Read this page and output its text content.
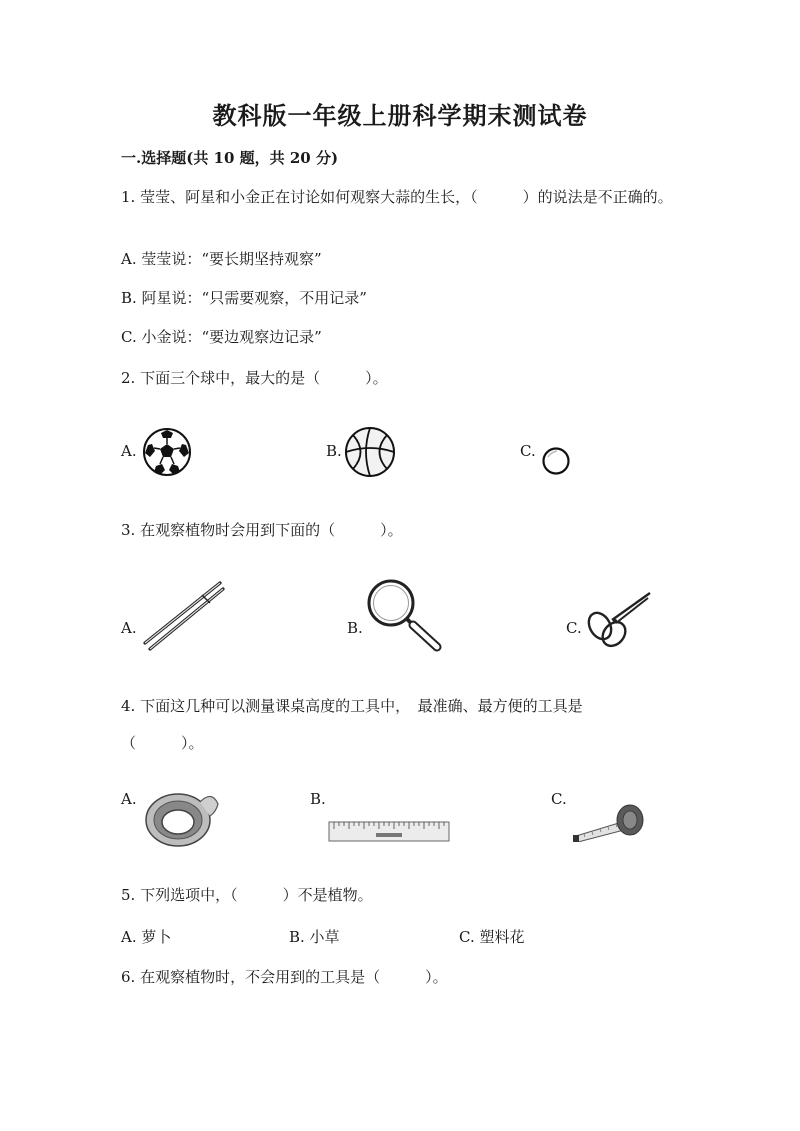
教科版一年级上册科学期末测试卷
一.选择题(共 10 题，共 20 分)
1. 莹莹、阿星和小金正在讨论如何观察大蒜的生长，（　　　）的说法是不正确的。
A. 莹莹说：“要长期坚持观察”
B. 阿星说：“只需要观察，不用记录”
C. 小金说：“要边观察边记录”
2. 下面三个球中，最大的是（　　　）。
A.	B.	C.
3. 在观察植物时会用到下面的（　　　）。
A.	B.	C.
4. 下面这几种可以测量课桌高度的工具中，　最准确、最方便的工具是
（　　　）。
A.	B.	C.
5. 下列选项中，（　　　）不是植物。
A. 萝卜	B. 小草	C. 塑料花
6. 在观察植物时，不会用到的工具是（　　　）。
